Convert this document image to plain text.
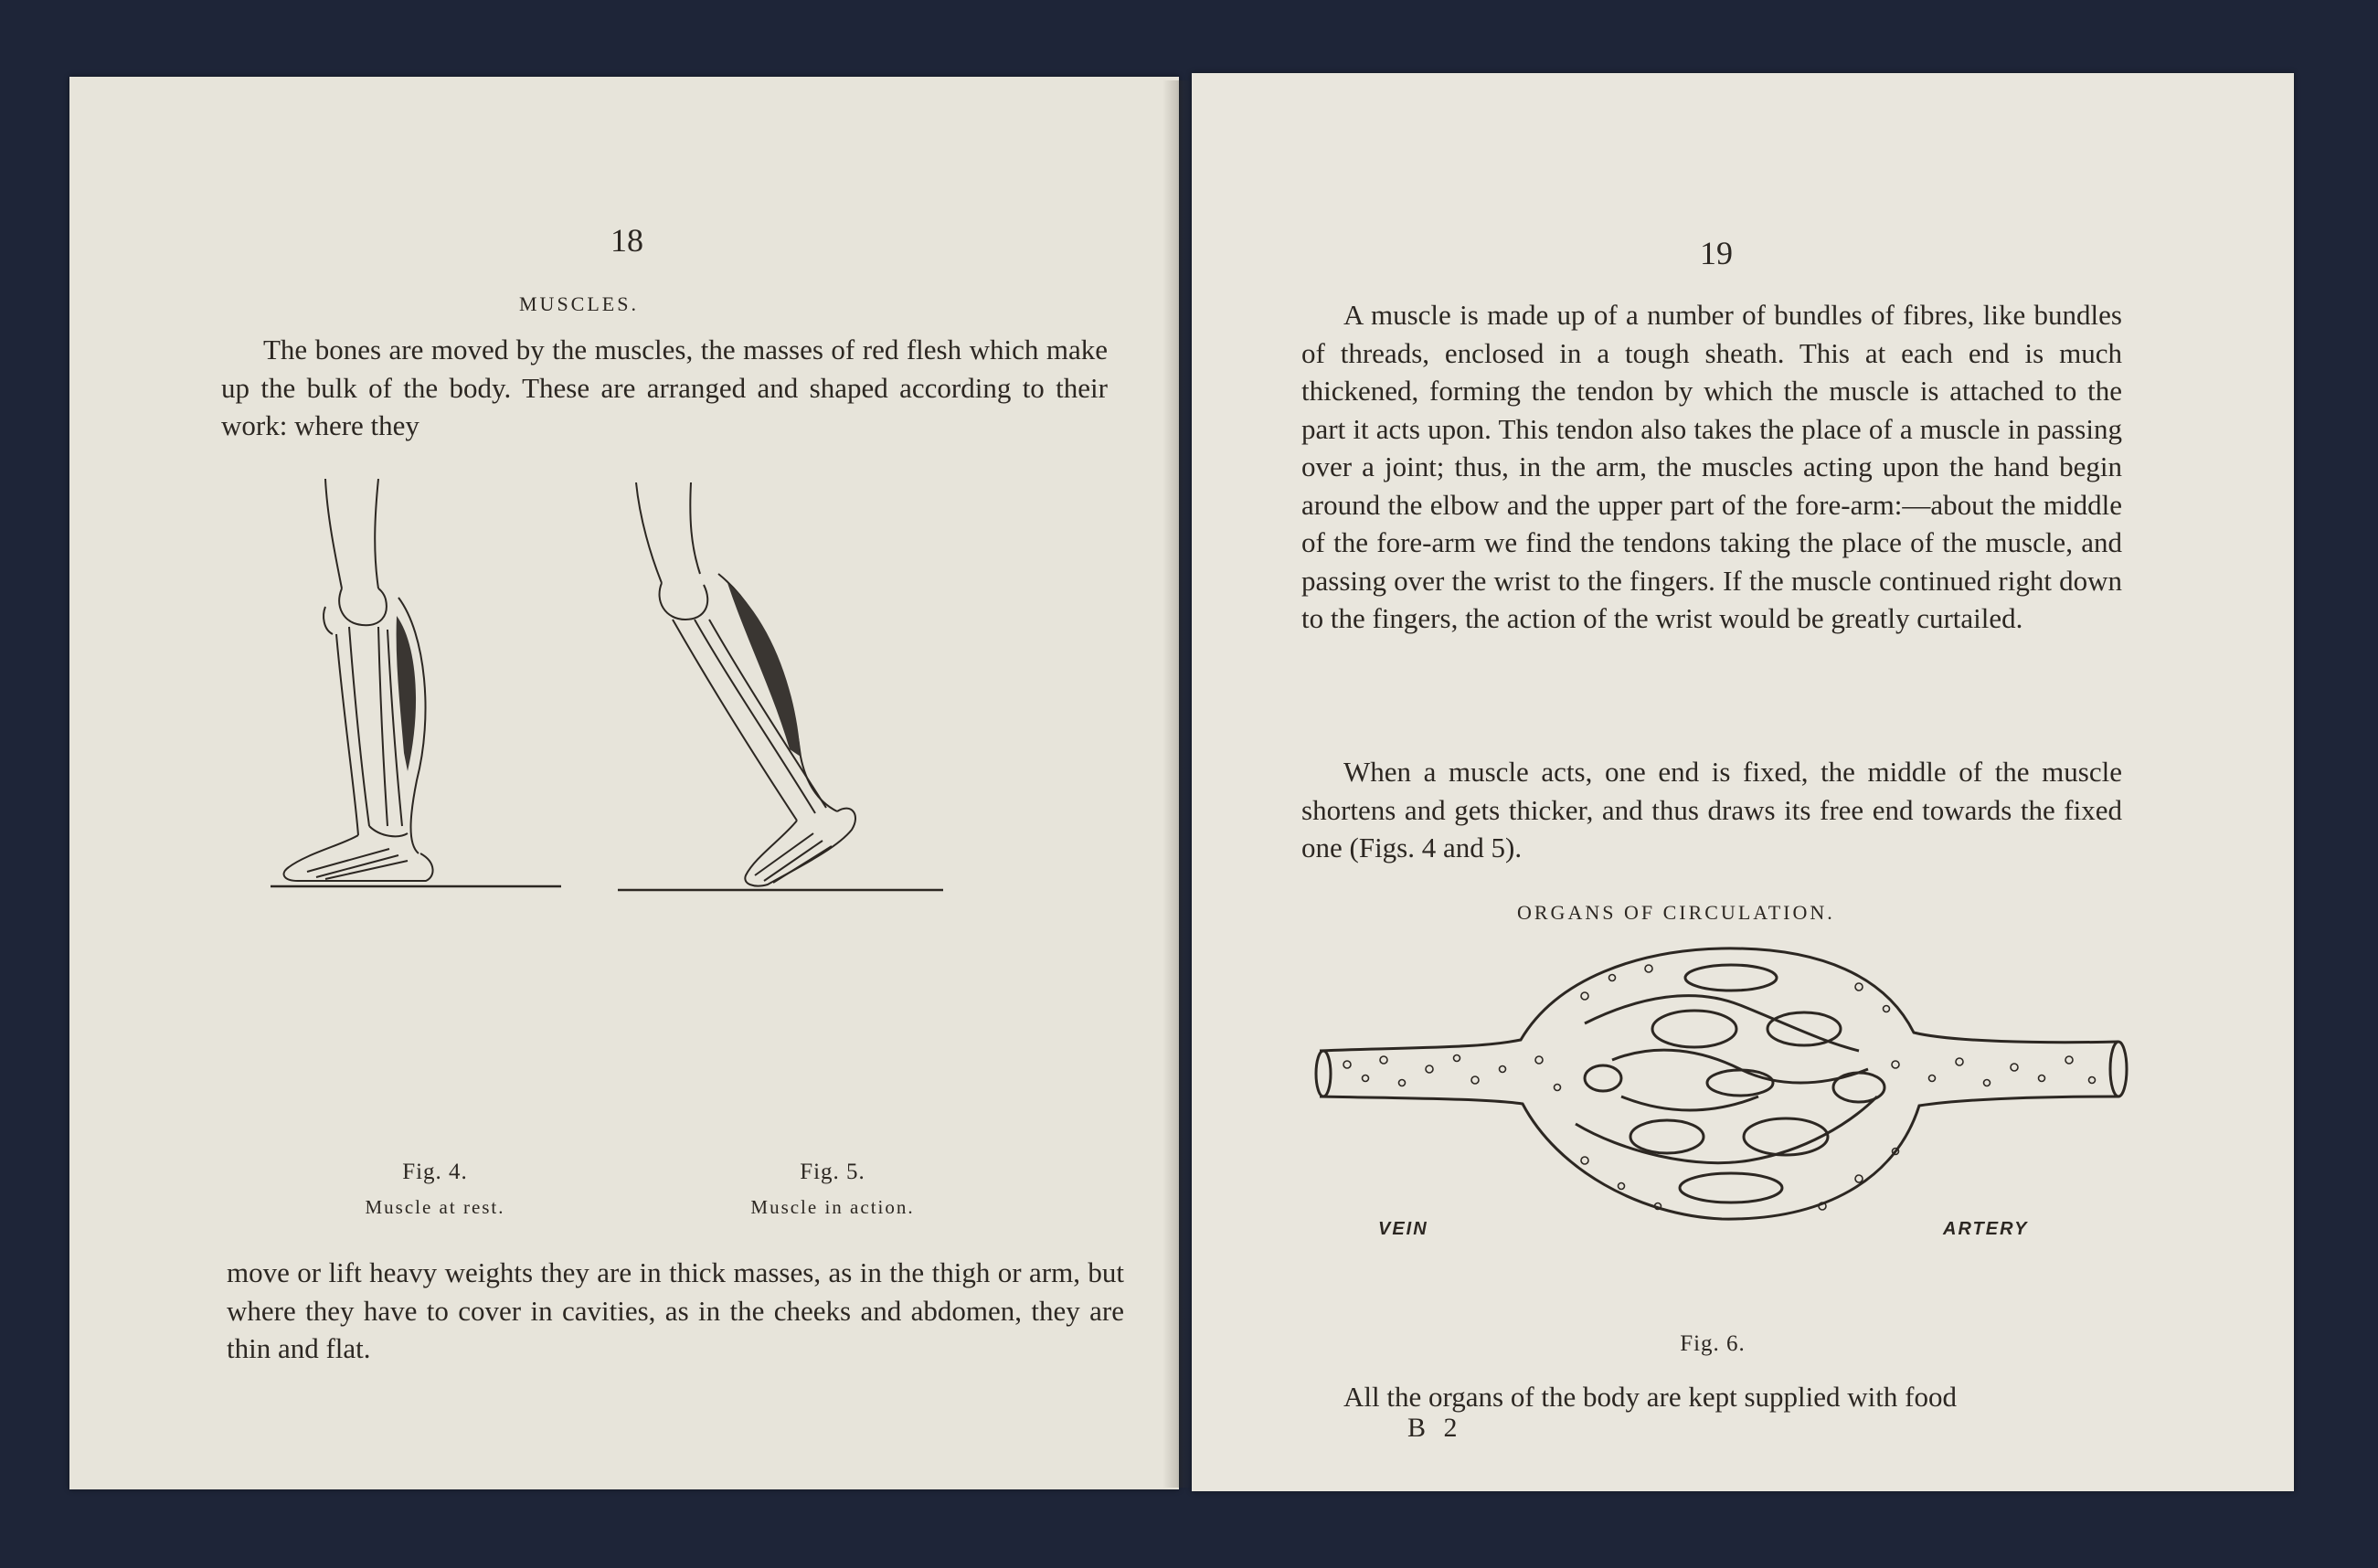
18
MUSCLES.

The bones are moved by the muscles, the masses of red flesh which make up the bulk of the body. These are arranged and shaped according to their work: where they

Fig. 4.
Muscle at rest.
Fig. 5.
Muscle in action.

move or lift heavy weights they are in thick masses, as in the thigh or arm, but where they have to cover in cavities, as in the cheeks and abdomen, they are thin and flat.

19

A muscle is made up of a number of bundles of fibres, like bundles of threads, enclosed in a tough sheath. This at each end is much thickened, forming the tendon by which the muscle is attached to the part it acts upon. This tendon also takes the place of a muscle in passing over a joint; thus, in the arm, the muscles acting upon the hand begin around the elbow and the upper part of the fore-arm:—about the middle of the fore-arm we find the tendons taking the place of the muscle, and passing over the wrist to the fingers. If the muscle continued right down to the fingers, the action of the wrist would be greatly curtailed.

When a muscle acts, one end is fixed, the middle of the muscle shortens and gets thicker, and thus draws its free end towards the fixed one (Figs. 4 and 5).

ORGANS OF CIRCULATION.
VEIN	ARTERY
Fig. 6.

All the organs of the body are kept supplied with food

B 2
